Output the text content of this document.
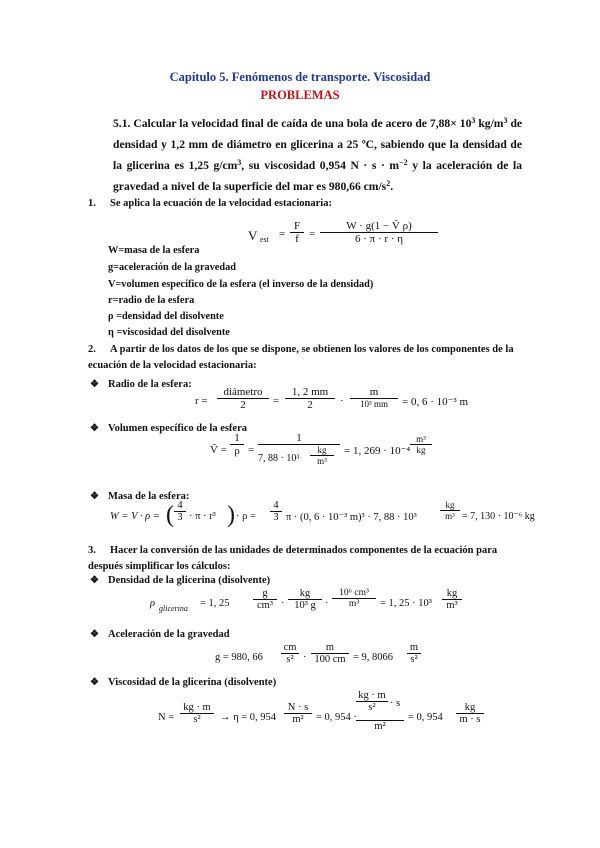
Capítulo 5. Fenómenos de transporte. Viscosidad
PROBLEMAS
5.1. Calcular la velocidad final de caída de una bola de acero de $7,88\times 10^3$ $kg/m^3$ de densidad y 1,2 mm de diámetro en glicerina a 25 ºC, sabiendo que la densidad de la glicerina es 1,25 $g/cm^3$, su viscosidad 0,954 $N \cdot s \cdot m^{-2}$ y la aceleración de la gravedad a nivel de la superficie del mar es 980,66 $cm/s^2$.
1. Se aplica la ecuación de la velocidad estacionaria:
V est = $\frac{F}{f} = \frac{\text{W · g(1 − Ṽ ρ)}}{6 \cdot \pi \cdot r \cdot \eta}$
W=masa de la esfera
g=aceleración de la gravedad
V=volumen específico de la esfera (el inverso de la densidad)
r=radio de la esfera
ρ =densidad del disolvente
η =viscosidad del disolvente
2. A partir de los datos de los que se dispone, se obtienen los valores de los componentes de la ecuación de la velocidad estacionaria:
❖ Radio de la esfera:
r =
diámetro
2	= $\frac{1, 2 mm}{2}$ ·
m
10³ mm	= 0, 6 · 10⁻³ m
❖ Volumen específico de la esfera
Ṽ = $\frac{1}{\rho} = 1$
7, 88 · 10³
kg
m³ = 1, $269 \cdot 10^{-4} \frac{\text{m³}}{kg}$
❖ Masa de la esfera:
W = V · ρ = ( $\frac{4}{3} \cdot \pi \cdot r^3$ ) · $\rho = \frac{4}{3}$ π · (0, 6 · 10⁻³ m)³ · 7, 88 · 10³	$\frac{kg}{\text{m³}} = 7$, 130 · 10⁻⁶ kg
3. Hacer la conversión de las unidades de determinados componentes de la ecuación para después simplificar los cálculos:
❖ Densidad de la glicerina (disolvente)
ρ glicerina = 1, $25 \frac{g}{\text{cm³}} \cdot \frac{kg}{\text{10³ g}} \cdot \frac{\text{10⁶ cm³}}{\text{m³}} = 1$, $25 \cdot 10^3 \frac{kg}{\text{m³}}$
❖ Aceleración de la gravedad
g = 980, $66 \frac{cm}{\text{s²}} \cdot \frac{m}{100 cm} = 9$, $8066 \frac{m}{\text{s²}}$
❖ Viscosidad de la glicerina (disolvente)
$N = \frac{kg \cdot m}{\text{s²}} \to \eta = 0$, $954 \frac{N \cdot s}{\text{m²}} = 0$, 954 · kg · m
s²	· s
m² = 0, $954 \frac{kg}{m \cdot s}$
